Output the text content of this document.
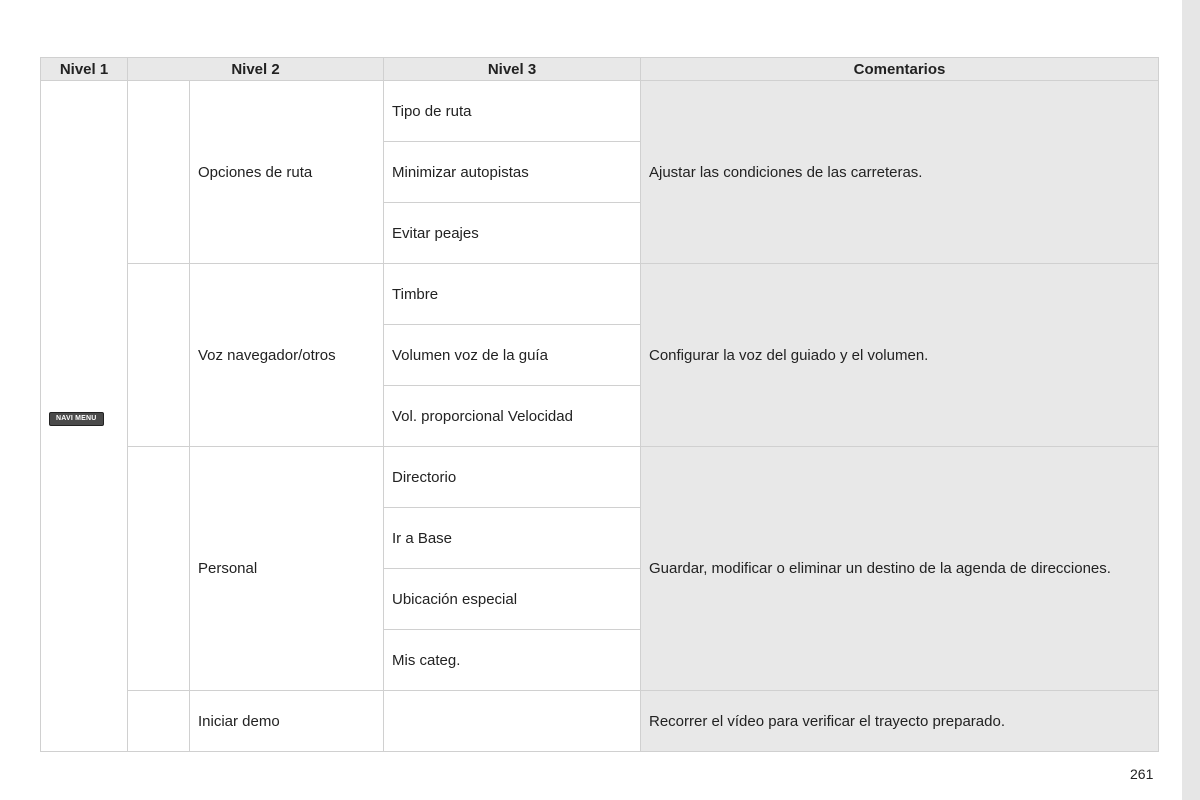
Nivel 1	Nivel 2		Nivel 3	Comentarios
NAVI MENU		Opciones de ruta	Tipo de ruta	Ajustar las condiciones de las carreteras.
			Minimizar autopistas	
			Evitar peajes	
		Voz navegador/otros	Timbre	Configurar la voz del guiado y el volumen.
			Volumen voz de la guía	
			Vol. proporcional Velocidad	
		Personal	Directorio	Guardar, modificar o eliminar un destino de la agenda de direcciones.
			Ir a Base	
			Ubicación especial	
			Mis categ.	
		Iniciar demo		Recorrer el vídeo para verificar el trayecto preparado.
261
